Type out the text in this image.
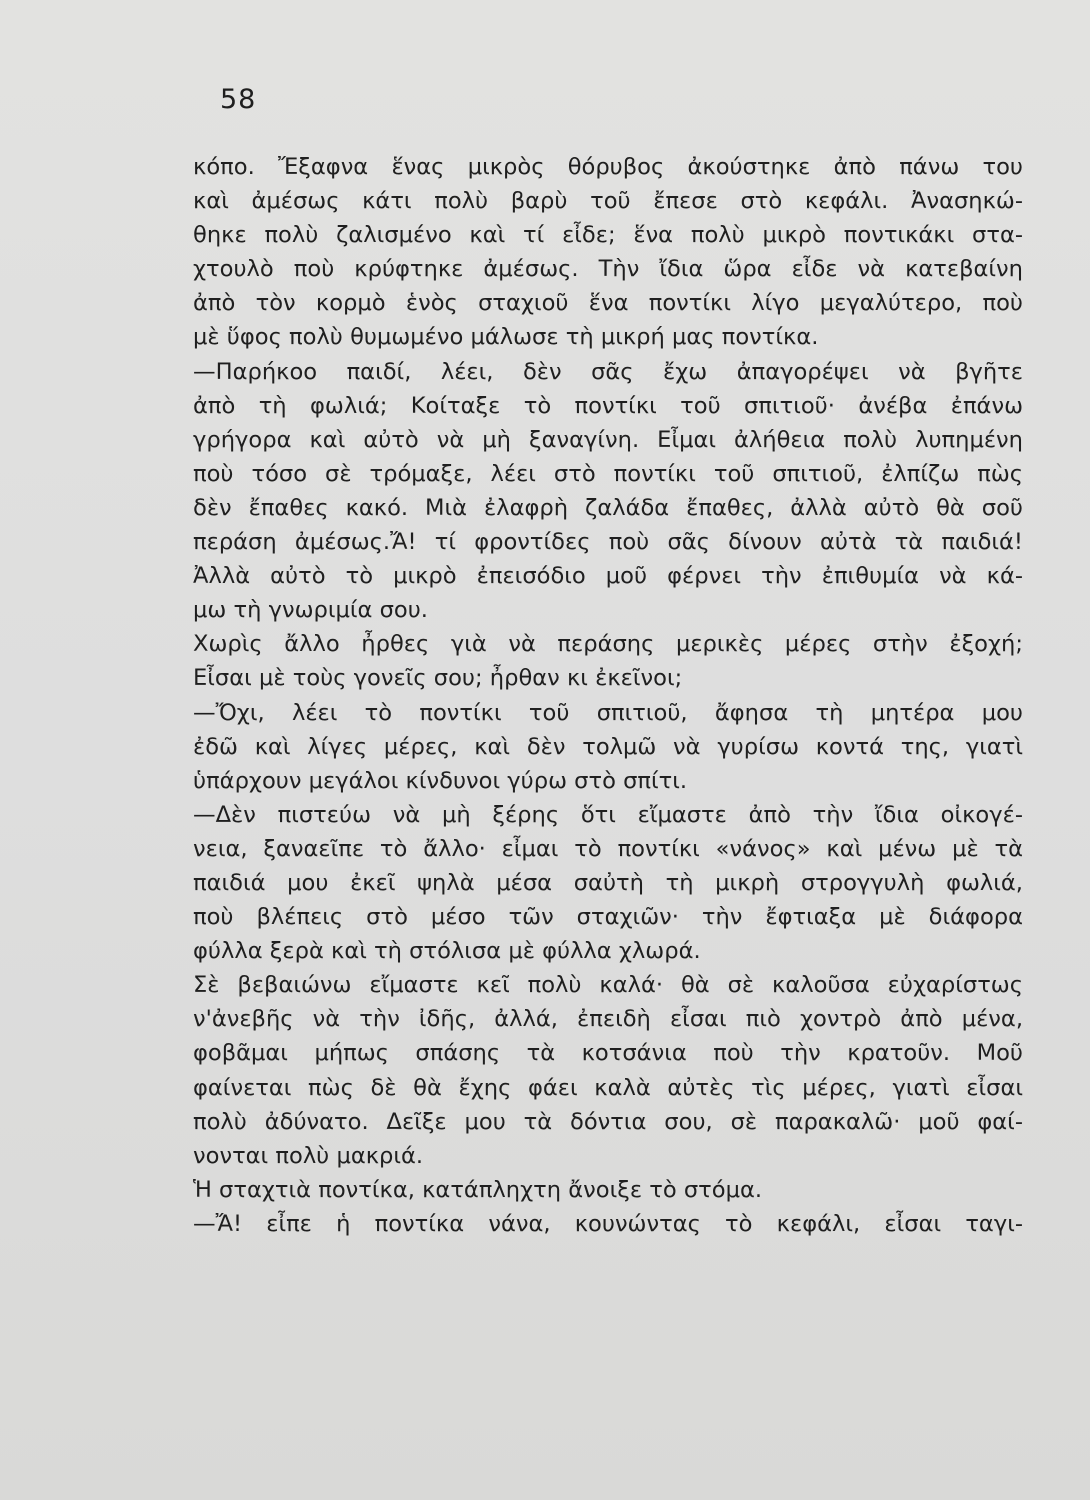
58
κόπο. Ἔξαφνα ἕνας μικρὸς θόρυβος ἀκούστηκε ἀπὸ πάνω του
καὶ ἀμέσως κάτι πολὺ βαρὺ τοῦ ἔπεσε στὸ κεφάλι. Ἀνασηκώ-
θηκε πολὺ ζαλισμένο καὶ τί εἶδε; ἕνα πολὺ μικρὸ ποντικάκι στα-
χτουλὸ ποὺ κρύφτηκε ἀμέσως. Τὴν ἴδια ὥρα εἶδε νὰ κατεβαίνη
ἀπὸ τὸν κορμὸ ἑνὸς σταχιοῦ ἕνα ποντίκι λίγο μεγαλύτερο, ποὺ
μὲ ὕφος πολὺ θυμωμένο μάλωσε τὴ μικρή μας ποντίκα.
—Παρήκοο παιδί, λέει, δὲν σᾶς ἔχω ἀπαγορέψει νὰ βγῆτε
ἀπὸ τὴ φωλιά; Κοίταξε τὸ ποντίκι τοῦ σπιτιοῦ· ἀνέβα ἐπάνω
γρήγορα καὶ αὐτὸ νὰ μὴ ξαναγίνη. Εἶμαι ἀλήθεια πολὺ λυπημένη
ποὺ τόσο σὲ τρόμαξε, λέει στὸ ποντίκι τοῦ σπιτιοῦ, ἐλπίζω πὼς
δὲν ἔπαθες κακό. Μιὰ ἐλαφρὴ ζαλάδα ἔπαθες, ἀλλὰ αὐτὸ θὰ σοῦ
περάση ἀμέσως.Ἄ! τί φροντίδες ποὺ σᾶς δίνουν αὐτὰ τὰ παιδιά!
Ἀλλὰ αὐτὸ τὸ μικρὸ ἐπεισόδιο μοῦ φέρνει τὴν ἐπιθυμία νὰ κά-
μω τὴ γνωριμία σου.
Χωρὶς ἄλλο ἦρθες γιὰ νὰ περάσης μερικὲς μέρες στὴν ἐξοχή;
Εἶσαι μὲ τοὺς γονεῖς σου; ἦρθαν κι ἐκεῖνοι;
—Ὄχι, λέει τὸ ποντίκι τοῦ σπιτιοῦ, ἄφησα τὴ μητέρα μου
ἐδῶ καὶ λίγες μέρες, καὶ δὲν τολμῶ νὰ γυρίσω κοντά της, γιατὶ
ὑπάρχουν μεγάλοι κίνδυνοι γύρω στὸ σπίτι.
—Δὲν πιστεύω νὰ μὴ ξέρης ὅτι εἴμαστε ἀπὸ τὴν ἴδια οἰκογέ-
νεια, ξαναεῖπε τὸ ἄλλο· εἶμαι τὸ ποντίκι «νάνος» καὶ μένω μὲ τὰ
παιδιά μου ἐκεῖ ψηλὰ μέσα σαὐτὴ τὴ μικρὴ στρογγυλὴ φωλιά,
ποὺ βλέπεις στὸ μέσο τῶν σταχιῶν· τὴν ἔφτιαξα μὲ διάφορα
φύλλα ξερὰ καὶ τὴ στόλισα μὲ φύλλα χλωρά.
Σὲ βεβαιώνω εἴμαστε κεῖ πολὺ καλά· θὰ σὲ καλοῦσα εὐχαρίστως
ν'ἀνεβῆς νὰ τὴν ἰδῆς, ἀλλά, ἐπειδὴ εἶσαι πιὸ χοντρὸ ἀπὸ μένα,
φοβᾶμαι μήπως σπάσης τὰ κοτσάνια ποὺ τὴν κρατοῦν. Μοῦ
φαίνεται πὼς δὲ θὰ ἔχης φάει καλὰ αὐτὲς τὶς μέρες, γιατὶ εἶσαι
πολὺ ἀδύνατο. Δεῖξε μου τὰ δόντια σου, σὲ παρακαλῶ· μοῦ φαί-
νονται πολὺ μακριά.
Ἡ σταχτιὰ ποντίκα, κατάπληχτη ἄνοιξε τὸ στόμα.
—Ἄ! εἶπε ἡ ποντίκα νάνα, κουνώντας τὸ κεφάλι, εἶσαι ταγι-
